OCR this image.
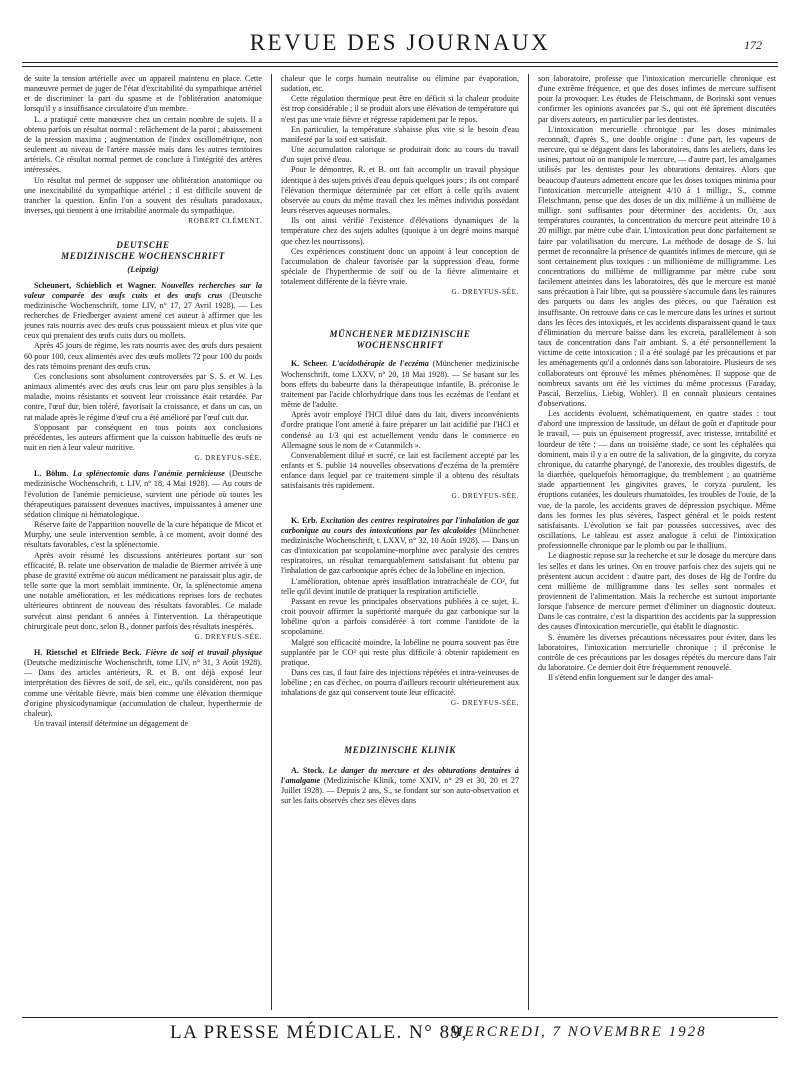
REVUE DES JOURNAUX	172

de suite la tension artérielle avec un appareil maintenu en place. Cette manœuvre permet de juger de l'état d'excitabilité du sympathique artériel et de discriminer la part du spasme et de l'oblitération anatomique lorsqu'il y a insuffisance circulatoire d'un membre.

L. a pratiqué cette manœuvre chez un certain nombre de sujets. Il a obtenu parfois un résultat normal : relâchement de la paroi ; abaissement de la pression maxima ; augmentation de l'index oscillométrique, non seulement au niveau de l'artère massée mais dans les autres territoires artériels. Ce résultat normal permet de conclure à l'intégrité des artères intéressées.

Un résultat nul permet de supposer une oblitération anatomique ou une inexcitabilité du sympathique artériel ; il est difficile souvent de trancher la question. Enfin l'on a souvent des résultats paradoxaux, inverses, qui tiennent à une irritabilité anormale du sympathique.

ROBERT CLÉMENT.
DEUTSCHE
MEDIZINISCHE WOCHENSCHRIFT
(Leipzig)

Scheunert, Schieblich et Wagner. Nouvelles recherches sur la valeur comparée des œufs cuits et des œufs crus (Deutsche medizinische Wochenschrift, tome LIV, n° 17, 27 Avril 1928). — Les recherches de Friedberger avaient amené cet auteur à affirmer que les jeunes rats nourris avec des œufs crus poussaient mieux et plus vite que ceux qui prenaient des œufs cuits durs ou mollets.

Après 45 jours de régime, les rats nourris avec des œufs durs pesaient 60 pour 100, ceux alimentés avec des œufs mollets 72 pour 100 du poids des rats témoins prenant des œufs crus.

Ces conclusions sont absolument controversées par S. S. et W. Les animaux alimentés avec des œufs crus leur ont paru plus sensibles à la maladie, moins résistants et souvent leur croissance était retardée. Par contre, l'œuf dur, bien toléré, favorisait la croissance, et dans un cas, un rat malade après le régime d'œuf cru a été amélioré par l'œuf cuit dur.

S'opposant par conséquent en tous points aux conclusions précédentes, les auteurs affirment que la cuisson habituelle des œufs ne nuit en rien à leur valeur nutritive.

G. DREYFUS-SÉE.

L. Böhm. La splénectomie dans l'anémie pernicieuse (Deutsche medizinische Wochenschrift, t. LIV, n° 18, 4 Mai 1928). — Au cours de l'évolution de l'anémie pernicieuse, survient une période où toutes les thérapeutiques paraissent devenues inactives, impuissantes à amener une sédation clinique ni hématologique.

Réserve faite de l'apparition nouvelle de la cure hépatique de Micot et Murphy, une seule intervention semble, à ce moment, avoir donné des résultats favorables, c'est la splénectomie.

Après avoir résumé les discussions antérieures portant sur son efficacité, B. relate une observation de maladie de Biermer arrivée à une phase de gravité extrême où aucun médicament ne paraissait plus agir, de telle sorte que la mort semblait imminente. Or, la splénectomie amena une notable amélioration, et les médications reprises lors de rechutes ultérieures obtinrent de nouveau des résultats favorables. Ce malade survécut ainsi pendant 6 années à l'intervention. La thérapeutique chirurgicale peut donc, selon B., donner parfois des résultats inespérés.

G. DREYFUS-SÉE.

H. Rietschel et Elfriede Beck. Fièvre de soif et travail physique (Deutsche medizinische Wochenschrift, tome LIV, n° 31, 3 Août 1928). — Dans des articles antérieurs, R. et B. ont déjà exposé leur interprétation des fièvres de soif, de sel, etc., qu'ils considèrent, non pas comme une véritable fièvre, mais bien comme une élévation thermique d'origine physicodynamique (accumulation de chaleur, hyperthermie de chaleur).

Un travail intensif détermine un dégagement de

chaleur que le corps humain neutralise ou élimine par évaporation, sudation, etc.

Cette régulation thermique peut être en déficit si la chaleur produite est trop considérable ; il se produit alors une élévation de température qui n'est pas une vraie fièvre et régresse rapidement par le repos.

En particulier, la température s'abaisse plus vite si le besoin d'eau manifesté par la soif est satisfait.

Une accumulation calorique se produirait donc au cours du travail d'un sujet privé d'eau.

Pour le démontrer, R. et B. ont fait accomplir un travail physique identique à des sujets privés d'eau depuis quelques jours ; ils ont comparé l'élévation thermique déterminée par cet effort à celle qu'ils avaient observée au cours du même travail chez les mêmes individus possédant leurs réserves aqueuses normales.

Ils ont ainsi vérifié l'existence d'élévations dynamiques de la température chez des sujets adultes (quoique à un degré moins marqué que chez les nourrissons).

Ces expériences constituent donc un appoint à leur conception de l'accumulation de chaleur favorisée par la suppression d'eau, forme spéciale de l'hyperthermie de soif ou de la fièvre alimentaire et totalement différente de la fièvre vraie.

G. DREYFUS-SÉE.
MÜNCHENER MEDIZINISCHE
WOCHENSCHRIFT

K. Scheer. L'acidothérapie de l'eczéma (Münchener medizinische Wochenschrift, tome LXXV, n° 20, 18 Mai 1928). — Se basant sur les bons effets du babeurre dans la thérapeutique infantile, B. préconise le traitement par l'acide chlorhydrique dans tous les eczémas de l'enfant et même de l'adulte.

Après avoir employé l'HCl dilué dans du lait, divers inconvénients d'ordre pratique l'ont amené à faire préparer un lait acidifié par l'HCl et condensé au 1/3 qui est actuellement vendu dans le commerce en Allemagne sous le nom de « Cutanmilch ».

Convenablement dilué et sucré, ce lait est facilement accepté par les enfants et S. publie 14 nouvelles observations d'eczéma de la première enfance dans lequel par ce traitement simple il a obtenu des résultats satisfaisants très rapidement.

G. DREYFUS-SÉE.

K. Erb. Excitation des centres respiratoires par l'inhalation de gaz carbonique au cours des intoxications par les alcaloïdes (Münchener medizinische Wochenschrift, t. LXXV, n° 32, 10 Août 1928). — Dans un cas d'intoxication par scopolamine-morphine avec paralysie des centres respiratoires, un résultat remarquablement satisfaisant fut obtenu par l'inhalation de gaz carbonique après échec de la lobéline en injection.

L'amélioration, obtenue après insufflation intratrachéale de CO², fut telle qu'il devint inutile de pratiquer la respiration artificielle.

Passant en revue les principales observations publiées à ce sujet, E. croit pouvoir affirmer la supériorité marquée du gaz carbonique sur la lobéline qu'on a parfois considérée à tort comme l'antidote de la scopolamine.

Malgré son efficacité moindre, la lobéline ne pourra souvent pas être supplantée par le CO² qui reste plus difficile à obtenir rapidement en pratique.

Dans ces cas, il faut faire des injections répétées et intra-veineuses de lobéline ; en cas d'échec, on pourra d'ailleurs recourir ultérieurement aux inhalations de gaz qui conservent toute leur efficacité.

G- DREYFUS-SÉE.
MEDIZINISCHE KLINIK

A. Stock. Le danger du mercure et des obturations dentaires à l'amalgame (Medizinische Klinik, tome XXIV, n° 29 et 30, 20 et 27 Juillet 1928). — Depuis 2 ans, S., se fondant sur son auto-observation et sur les faits observés chez ses élèves dans

son laboratoire, professe que l'intoxication mercurielle chronique est d'une extrême fréquence, et que des doses infimes de mercure suffisent pour la provoquer. Les études de Fleischmann, de Borinski sont venues confirmer les opinions avancées par S., qui ont été âprement discutées par divers auteurs, en particulier par les dentistes.

L'intoxication mercurielle chronique par les doses minimales reconnaît, d'après S., une double origine : d'une part, les vapeurs de mercure, qui se dégagent dans les laboratoires, dans les ateliers, dans les usines, partout où on manipule le mercure, — d'autre part, les amalgames utilisés par les dentistes pour les obturations dentaires. Alors que beaucoup d'auteurs admettent encore que les doses toxiques minima pour l'intoxication mercurielle atteignent 4/10 à 1 milligr., S., comme Fleischmann, pense que des doses de un dix millième à un millième de milligr. sont suffisantes pour déterminer des accidents. Or, aux températures courantes, la concentration du mercure peut atteindre 10 à 20 milligr. par mètre cube d'air. L'intoxication peut donc parfaitement se faire par volatilisation du mercure. La méthode de dosage de S. lui permet de reconnaître la présence de quantités infimes de mercure, qui se sont certainement plus toxiques : un millionième de milligramme. Les concentrations du millième de milligramme par mètre cube sont facilement atteintes dans les laboratoires, dès que le mercure est manié sans précaution à l'air libre, qui sa poussière s'accumule dans les rainures des parquets ou dans les angles des pièces, ou que l'aération est insuffisante. On retrouve dans ce cas le mercure dans les urines et surtout dans les fèces des intoxiqués, et les accidents disparaissent quand le taux d'élimination du mercure baisse dans les excreta, parallèlement à son taux de concentration dans l'air ambiant. S. a été personnellement la victime de cette intoxication ; il a été soulagé par les précautions et par les aménagements qu'il a ordonnés dans son laboratoire. Plusieurs de ses collaborateurs ont éprouvé les mêmes phénomènes. Il suppose que de nombreux savants ont été les victimes du même processus (Faraday, Pascal, Berzelius, Liebig, Wohler). Il en connaît plusieurs centaines d'observations.

Les accidents évoluent, schématiquement, en quatre stades : tout d'abord une impression de lassitude, un défaut de goût et d'aptitude pour le travail, — puis un épuisement progressif, avec tristesse, irritabilité et lourdeur de tête ; — dans un troisième stade, ce sont les céphalées qui dominent, mais il y a en outre de la salivation, de la gingivite, du coryza chronique, du catarrhe pharyngé, de l'anorexie, des troubles digestifs, de la diarrhée, quelquefois hémorragique, du tremblement ; au quatrième stade appartiennent les gingivites graves, le coryza purulent, les éruptions cutanées, les douleurs rhumatoïdes, les troubles de l'ouïe, de la vue, de la parole, les accidents graves de dépression psychique. Même dans les formes les plus sévères, l'aspect général et le poids restent satisfaisants. L'évolution se fait par poussées successives, avec des oscillations. Le tableau est assez analogue à celui de l'intoxication professionnelle chronique par le plomb ou par le thallium.

Le diagnostic repose sur la recherche et sur le dosage du mercure dans les selles et dans les urines. On en trouve parfois chez des sujets qui ne présentent aucun accident : d'autre part, des doses de Hg de l'ordre du cent millième de milligramme dans les selles sont normales et proviennent de l'alimentation. Mais la recherche est surtout importante lorsque l'absence de mercure permet d'éliminer un diagnostic douteux. Dans le cas contraire, c'est la disparition des accidents par la suppression des causes d'intoxication mercurielle, qui établit le diagnostic.

S. énumère les diverses précautions nécessaires pour éviter, dans les laboratoires, l'intoxication mercurielle chronique ; il préconise le contrôle de ces précautions par les dosages répétés du mercure dans l'air du laboratoire. Ce dernier doit être fréquemment renouvelé.

Il s'étend enfin longuement sur le danger des amal-

LA PRESSE MÉDICALE. N° 89,
MERCREDI, 7 NOVEMBRE 1928
